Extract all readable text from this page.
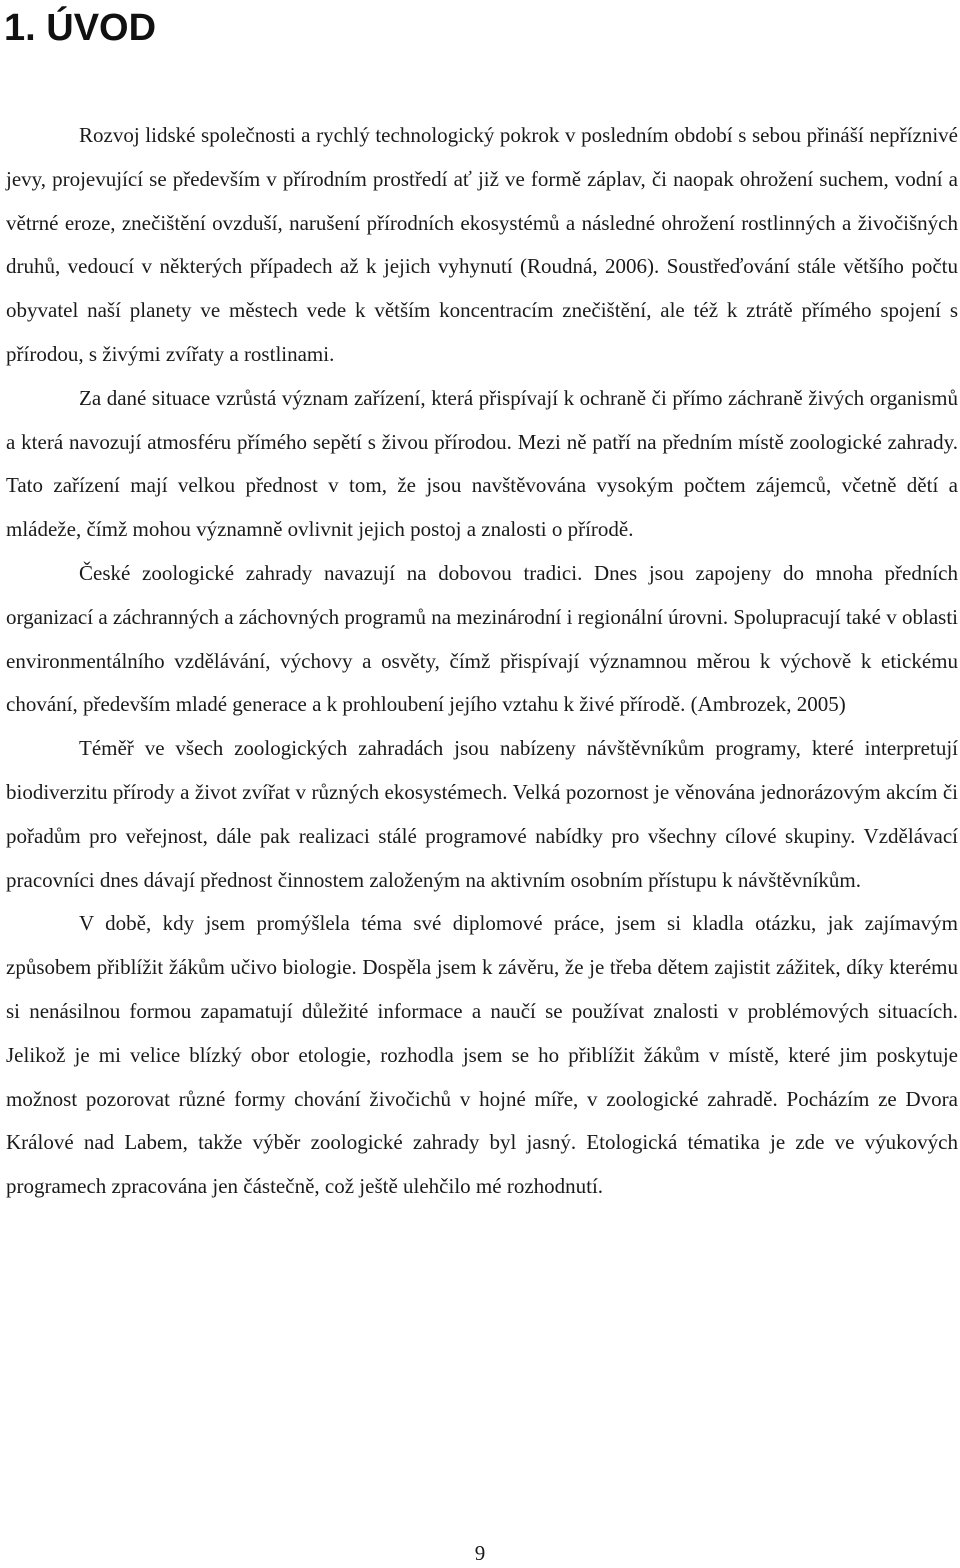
1. ÚVOD

Rozvoj lidské společnosti a rychlý technologický pokrok v posledním období s sebou přináší nepříznivé jevy, projevující se především v přírodním prostředí ať již ve formě záplav, či naopak ohrožení suchem, vodní a větrné eroze, znečištění ovzduší, narušení přírodních ekosystémů a následné ohrožení rostlinných a živočišných druhů, vedoucí v některých případech až k jejich vyhynutí (Roudná, 2006). Soustřeďování stále většího počtu obyvatel naší planety ve městech vede k větším koncentracím znečištění, ale též k ztrátě přímého spojení s přírodou, s živými zvířaty a rostlinami.

Za dané situace vzrůstá význam zařízení, která přispívají k ochraně či přímo záchraně živých organismů a která navozují atmosféru přímého sepětí s živou přírodou. Mezi ně patří na předním místě zoologické zahrady. Tato zařízení mají velkou přednost v tom, že jsou navštěvována vysokým počtem zájemců, včetně dětí a mládeže, čímž mohou významně ovlivnit jejich postoj a znalosti o přírodě.

České zoologické zahrady navazují na dobovou tradici. Dnes jsou zapojeny do mnoha předních organizací a záchranných a záchovných programů na mezinárodní i regionální úrovni. Spolupracují také v oblasti environmentálního vzdělávání, výchovy a osvěty, čímž přispívají významnou měrou k výchově k etickému chování, především mladé generace a k prohloubení jejího vztahu k živé přírodě. (Ambrozek, 2005)

Téměř ve všech zoologických zahradách jsou nabízeny návštěvníkům programy, které interpretují biodiverzitu přírody a život zvířat v různých ekosystémech. Velká pozornost je věnována jednorázovým akcím či pořadům pro veřejnost, dále pak realizaci stálé programové nabídky pro všechny cílové skupiny. Vzdělávací pracovníci dnes dávají přednost činnostem založeným na aktivním osobním přístupu k návštěvníkům.

V době, kdy jsem promýšlela téma své diplomové práce, jsem si kladla otázku, jak zajímavým způsobem přiblížit žákům učivo biologie. Dospěla jsem k závěru, že je třeba dětem zajistit zážitek, díky kterému si nenásilnou formou zapamatují důležité informace a naučí se používat znalosti v problémových situacích. Jelikož je mi velice blízký obor etologie, rozhodla jsem se ho přiblížit žákům v místě, které jim poskytuje možnost pozorovat různé formy chování živočichů v hojné míře, v zoologické zahradě. Pocházím ze Dvora Králové nad Labem, takže výběr zoologické zahrady byl jasný. Etologická tématika je zde ve výukových programech zpracována jen částečně, což ještě ulehčilo mé rozhodnutí.

9
